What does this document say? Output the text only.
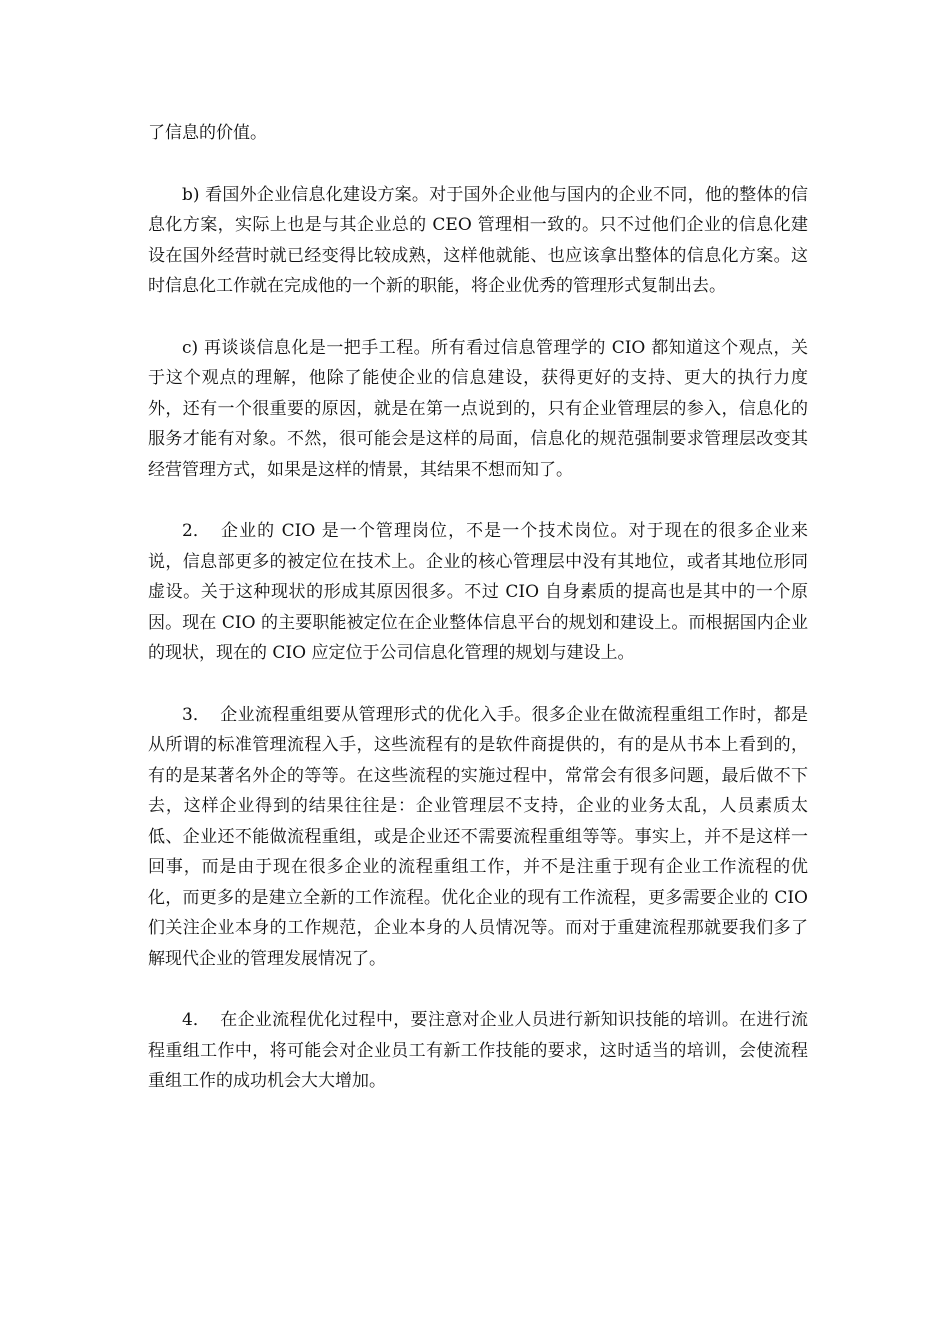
了信息的价值。

b) 看国外企业信息化建设方案。对于国外企业他与国内的企业不同，他的整体的信息化方案，实际上也是与其企业总的 CEO 管理相一致的。只不过他们企业的信息化建设在国外经营时就已经变得比较成熟，这样他就能、也应该拿出整体的信息化方案。这时信息化工作就在完成他的一个新的职能，将企业优秀的管理形式复制出去。

c) 再谈谈信息化是一把手工程。所有看过信息管理学的 CIO 都知道这个观点，关于这个观点的理解，他除了能使企业的信息建设，获得更好的支持、更大的执行力度外，还有一个很重要的原因，就是在第一点说到的，只有企业管理层的参入，信息化的服务才能有对象。不然，很可能会是这样的局面，信息化的规范强制要求管理层改变其经营管理方式，如果是这样的情景，其结果不想而知了。

2． 企业的 CIO 是一个管理岗位，不是一个技术岗位。对于现在的很多企业来说，信息部更多的被定位在技术上。企业的核心管理层中没有其地位，或者其地位形同虚设。关于这种现状的形成其原因很多。不过 CIO 自身素质的提高也是其中的一个原因。现在 CIO 的主要职能被定位在企业整体信息平台的规划和建设上。而根据国内企业的现状，现在的 CIO 应定位于公司信息化管理的规划与建设上。

3． 企业流程重组要从管理形式的优化入手。很多企业在做流程重组工作时，都是从所谓的标准管理流程入手，这些流程有的是软件商提供的，有的是从书本上看到的，有的是某著名外企的等等。在这些流程的实施过程中，常常会有很多问题，最后做不下去，这样企业得到的结果往往是：企业管理层不支持，企业的业务太乱，人员素质太低、企业还不能做流程重组，或是企业还不需要流程重组等等。事实上，并不是这样一回事，而是由于现在很多企业的流程重组工作，并不是注重于现有企业工作流程的优化，而更多的是建立全新的工作流程。优化企业的现有工作流程，更多需要企业的 CIO 们关注企业本身的工作规范，企业本身的人员情况等。而对于重建流程那就要我们多了解现代企业的管理发展情况了。

4． 在企业流程优化过程中，要注意对企业人员进行新知识技能的培训。在进行流程重组工作中，将可能会对企业员工有新工作技能的要求，这时适当的培训，会使流程重组工作的成功机会大大增加。
